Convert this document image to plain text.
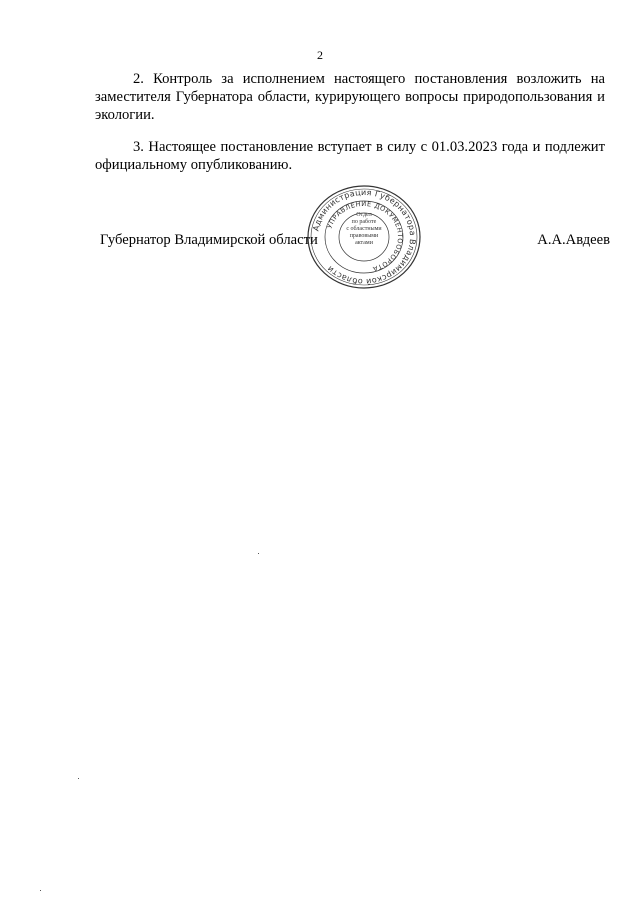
2

2. Контроль за исполнением настоящего постановления возложить на заместителя Губернатора области, курирующего вопросы природопользования и экологии.

3. Настоящее постановление вступает в силу с 01.03.2023 года и подлежит официальному опубликованию.

Губернатор Владимирской области	А.А.Авдеев
Администрация Губернатора Владимирской области
УПРАВЛЕНИЕ ДОКУМЕНТООБОРОТА
Отдел
по работе
с областными
правовыми
актами
